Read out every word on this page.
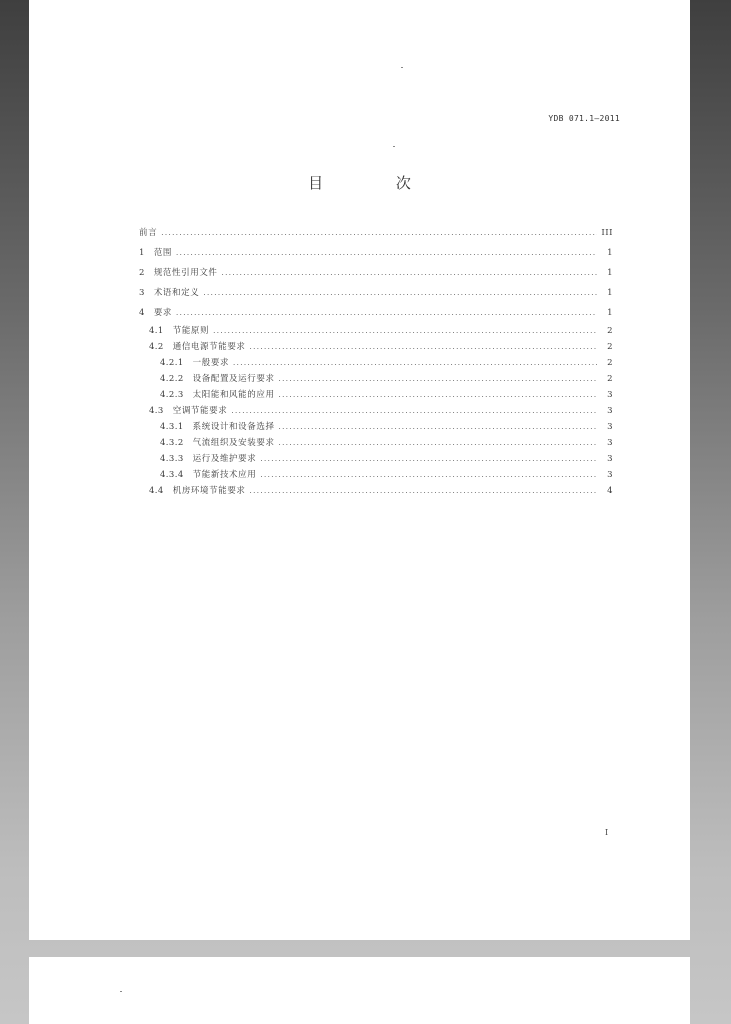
YDB 071.1—2011
目 次
前言 .....	III
1 范围 .....	1
2 规范性引用文件 .....	1
3 术语和定义 .....	1
4 要求 .....	1
4.1 节能原则 .....	2
4.2 通信电源节能要求 .....	2
4.2.1 一般要求 .....	2
4.2.2 设备配置及运行要求 .....	2
4.2.3 太阳能和风能的应用 .....	3
4.3 空调节能要求 .....	3
4.3.1 系统设计和设备选择 .....	3
4.3.2 气流组织及安装要求 .....	3
4.3.3 运行及维护要求 .....	3
4.3.4 节能新技术应用 .....	3
4.4 机房环境节能要求 .....	4
I
